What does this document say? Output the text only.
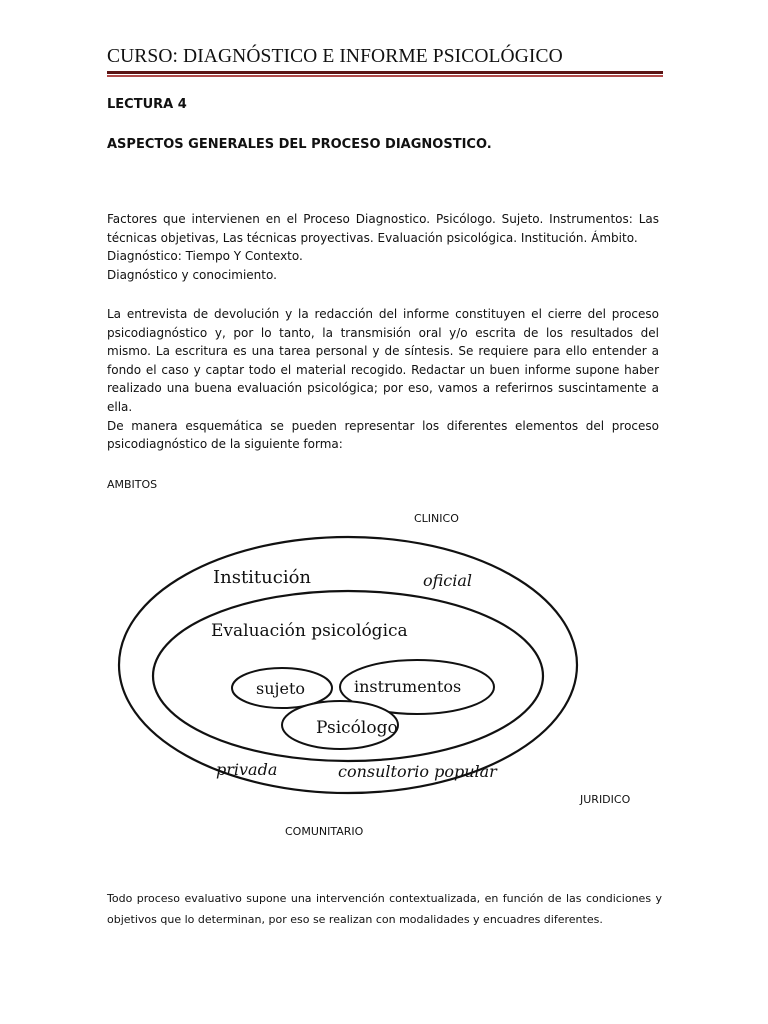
CURSO: DIAGNÓSTICO E INFORME PSICOLÓGICO
LECTURA 4
ASPECTOS GENERALES DEL PROCESO DIAGNOSTICO.
Factores que intervienen en el Proceso Diagnostico. Psicólogo. Sujeto. Instrumentos: Las
técnicas objetivas, Las técnicas proyectivas. Evaluación psicológica. Institución. Ámbito.
Diagnóstico: Tiempo Y Contexto.
Diagnóstico y conocimiento.
La entrevista de devolución y la redacción del informe constituyen el cierre del proceso
psicodiagnóstico y, por lo tanto, la transmisión oral y/o escrita de los resultados del
mismo. La escritura es una tarea personal y de síntesis. Se requiere para ello entender a
fondo el caso y captar todo el material recogido. Redactar un buen informe supone haber
realizado una buena evaluación psicológica; por eso, vamos a referirnos suscintamente a
ella.
De manera esquemática se pueden representar los diferentes elementos del proceso
psicodiagnóstico de la siguiente forma:
AMBITOS
CLINICO
JURIDICO
COMUNITARIO
Institución	oficial
Evaluación psicológica
sujeto	instrumentos
Psicólogo
privada	consultorio popular
Todo proceso evaluativo supone una intervención contextualizada, en función de las condiciones y
objetivos que lo determinan, por eso se realizan con modalidades y encuadres diferentes.
